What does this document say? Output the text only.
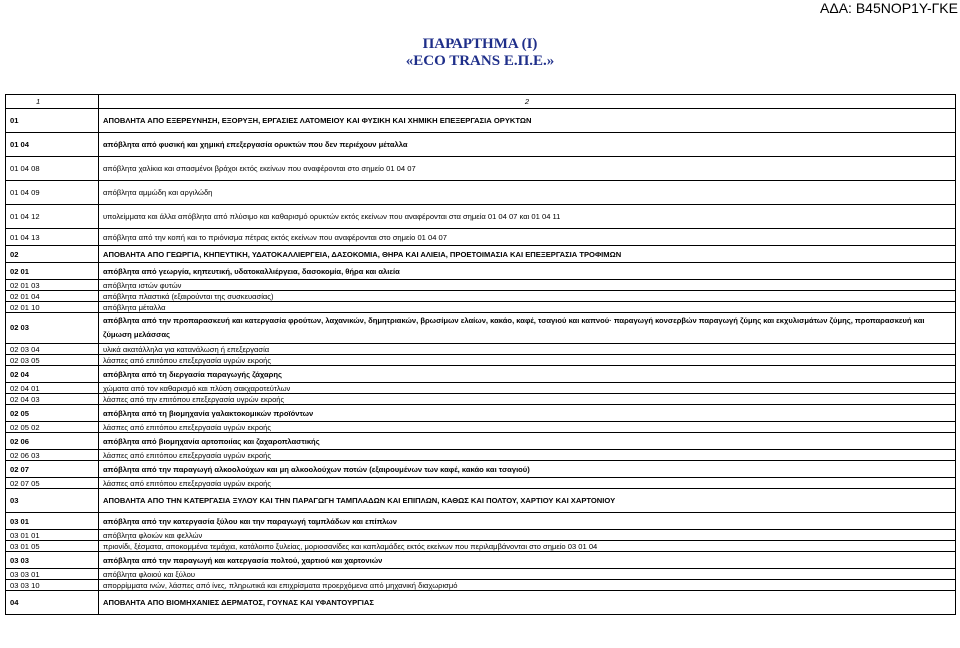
ΑΔΑ: Β45ΝΟΡ1Υ-ΓΚΕ
ΠΑΡΑΡΤΗΜΑ (Ι)
«ECO TRANS Ε.Π.Ε.»
1	2
01	ΑΠΟΒΛΗΤΑ ΑΠΟ ΕΞΕΡΕΥΝΗΣΗ, ΕΞΟΡΥΞΗ, ΕΡΓΑΣΙΕΣ ΛΑΤΟΜΕΙΟΥ ΚΑΙ ΦΥΣΙΚΗ ΚΑΙ ΧΗΜΙΚΗ ΕΠΕΞΕΡΓΑΣΙΑ ΟΡΥΚΤΩΝ
01 04	απόβλητα από φυσική και χημική επεξεργασία ορυκτών που δεν περιέχουν μέταλλα
01 04 08	απόβλητα χαλίκια και σπασμένοι βράχοι εκτός εκείνων που αναφέρονται στο σημείο 01 04 07
01 04 09	απόβλητα αμμώδη και αργιλώδη
01 04 12	υπολείμματα και άλλα απόβλητα από πλύσιμο και καθαρισμό ορυκτών εκτός εκείνων που αναφέρονται στα σημεία 01 04 07 και 01 04 11
01 04 13	απόβλητα από την κοπή και το πριόνισμα πέτρας εκτός εκείνων που αναφέρονται στο σημείο 01 04 07
02	ΑΠΟΒΛΗΤΑ ΑΠΟ ΓΕΩΡΓΙΑ, ΚΗΠΕΥΤΙΚΗ, ΥΔΑΤΟΚΑΛΛΙΕΡΓΕΙΑ, ΔΑΣΟΚΟΜΙΑ, ΘΗΡΑ ΚΑΙ ΑΛΙΕΙΑ, ΠΡΟΕΤΟΙΜΑΣΙΑ ΚΑΙ ΕΠΕΞΕΡΓΑΣΙΑ ΤΡΟΦΙΜΩΝ
02 01	απόβλητα από γεωργία, κηπευτική, υδατοκαλλιέργεια, δασοκομία, θήρα και αλιεία
02 01 03	απόβλητα ιστών φυτών
02 01 04	απόβλητα πλαστικά (εξαιρούνται της συσκευασίας)
02 01 10	απόβλητα μέταλλα
02 03	απόβλητα από την προπαρασκευή και κατεργασία φρούτων, λαχανικών, δημητριακών, βρωσίμων ελαίων, κακάο, καφέ, τσαγιού και καπνού· παραγωγή κονσερβών παραγωγή ζύμης και εκχυλισμάτων ζύμης, προπαρασκευή και ζύμωση μελάσσας
02 03 04	υλικά ακατάλληλα για κατανάλωση ή επεξεργασία
02 03 05	λάσπες από επιτόπου επεξεργασία υγρών εκροής
02 04	απόβλητα από τη διεργασία παραγωγής ζάχαρης
02 04 01	χώματα από τον καθαρισμό και πλύση σακχαροτεύτλων
02 04 03	λάσπες από την επιτόπου επεξεργασία υγρών εκροής
02 05	απόβλητα από τη βιομηχανία γαλακτοκομικών προϊόντων
02 05 02	λάσπες από επιτόπου επεξεργασία υγρών εκροής
02 06	απόβλητα από βιομηχανία αρτοποιίας και ζαχαροπλαστικής
02 06 03	λάσπες από επιτόπου επεξεργασία υγρών εκροής
02 07	απόβλητα από την παραγωγή αλκοολούχων και μη αλκοολούχων ποτών (εξαιρουμένων των καφέ, κακάο και τσαγιού)
02 07 05	λάσπες από επιτόπου επεξεργασία υγρών εκροής
03	ΑΠΟΒΛΗΤΑ ΑΠΟ ΤΗΝ ΚΑΤΕΡΓΑΣΙΑ ΞΥΛΟΥ ΚΑΙ ΤΗΝ ΠΑΡΑΓΩΓΗ ΤΑΜΠΛΑΔΩΝ ΚΑΙ ΕΠΙΠΛΩΝ, ΚΑΘΩΣ ΚΑΙ ΠΟΛΤΟΥ, ΧΑΡΤΙΟΥ ΚΑΙ ΧΑΡΤΟΝΙΟΥ
03 01	απόβλητα από την κατεργασία ξύλου και την παραγωγή ταμπλάδων και επίπλων
03 01 01	απόβλητα φλοιών και φελλών
03 01 05	πριονίδι, ξέσματα, αποκομμένα τεμάχια, κατάλοιπο ξυλείας, μοριοσανίδες και καπλαμάδες εκτός εκείνων που περιλαμβάνονται στο σημείο 03 01 04
03 03	απόβλητα από την παραγωγή και κατεργασία πολτού, χαρτιού και χαρτονιών
03 03 01	απόβλητα φλοιού και ξύλου
03 03 10	απορρίμματα ινών, λάσπες από ίνες, πληρωτικά και επιχρίσματα προερχόμενα από μηχανική διαχωρισμό
04	ΑΠΟΒΛΗΤΑ ΑΠΟ ΒΙΟΜΗΧΑΝΙΕΣ ΔΕΡΜΑΤΟΣ, ΓΟΥΝΑΣ ΚΑΙ ΥΦΑΝΤΟΥΡΓΙΑΣ
